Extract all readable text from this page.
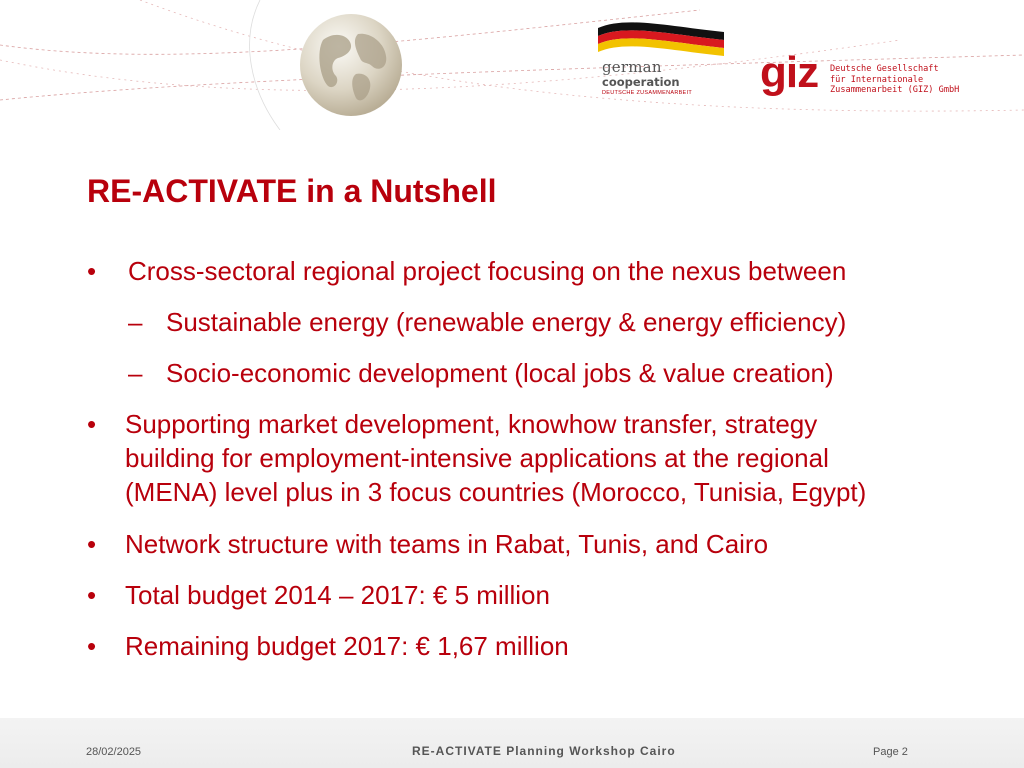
german
cooperation
DEUTSCHE ZUSAMMENARBEIT giz Deutsche Gesellschaft
für Internationale
Zusammenarbeit (GIZ) GmbH
RE-ACTIVATE in a Nutshell
• Cross-sectoral regional project focusing on the nexus between
– Sustainable energy (renewable energy & energy efficiency)
– Socio-economic development (local jobs & value creation)
• Supporting market development, knowhow transfer, strategy
building for employment-intensive applications at the regional
(MENA) level plus in 3 focus countries (Morocco, Tunisia, Egypt)
• Network structure with teams in Rabat, Tunis, and Cairo
• Total budget 2014 – 2017: € 5 million
• Remaining budget 2017: € 1,67 million
28/02/2025	RE-ACTIVATE Planning Workshop Cairo	Page 2
